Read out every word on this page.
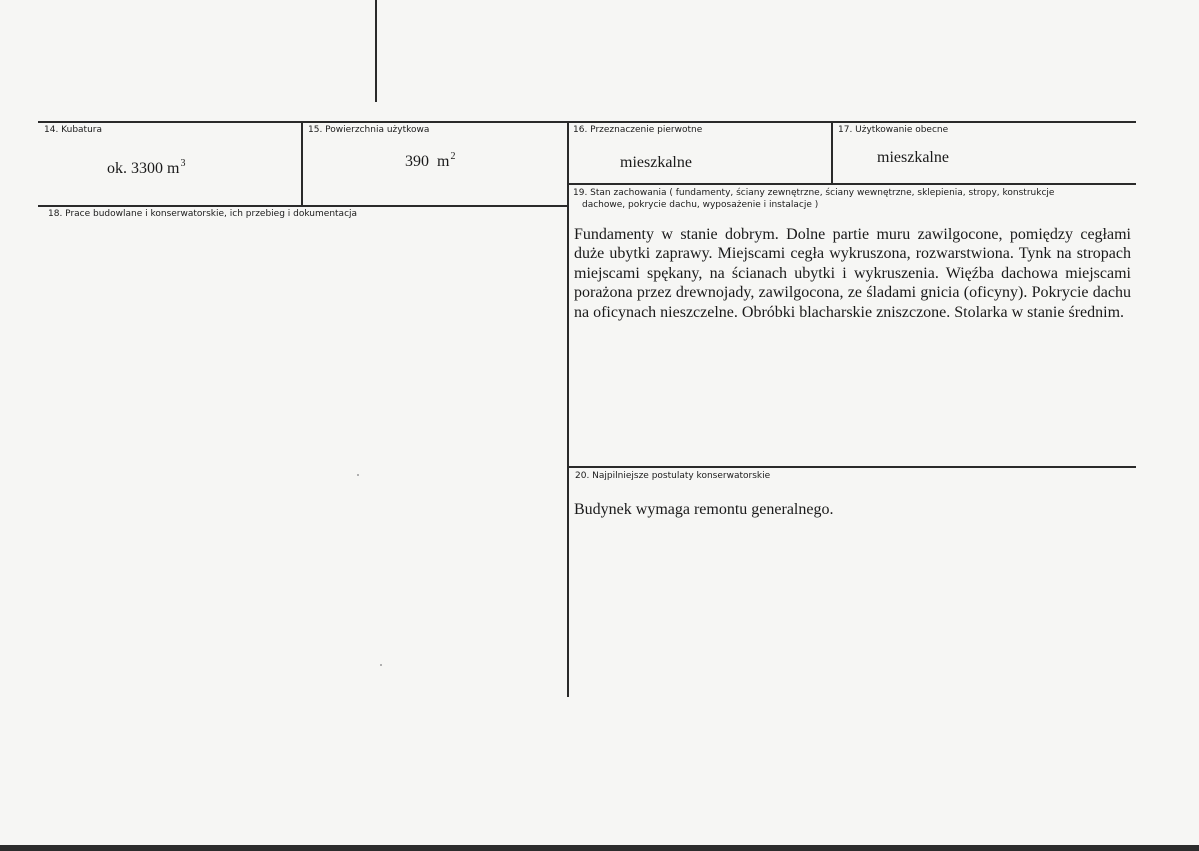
14. Kubatura
ok. 3300 $m^3$
15. Powierzchnia użytkowa
390  $m^2$
16. Przeznaczenie pierwotne
mieszkalne
17. Użytkowanie obecne
mieszkalne
18. Prace budowlane i konserwatorskie, ich przebieg i dokumentacja
19. Stan zachowania ( fundamenty, ściany zewnętrzne, ściany wewnętrzne, sklepienia, stropy, konstrukcje
dachowe, pokrycie dachu, wyposażenie i instalacje )
Fundamenty w stanie dobrym. Dolne partie muru zawilgocone, pomiędzy cegłami duże ubytki zaprawy. Miejscami cegła wykruszona, rozwarstwiona. Tynk na stropach miejscami spękany, na ścianach ubytki i wykruszenia. Więźba dachowa miejscami porażona przez drewnojady, zawilgocona, ze śladami gnicia (oficyny). Pokrycie dachu na oficynach nieszczelne. Obróbki blacharskie zniszczone. Stolarka w stanie średnim.
20. Najpilniejsze postulaty konserwatorskie
Budynek wymaga remontu generalnego.
